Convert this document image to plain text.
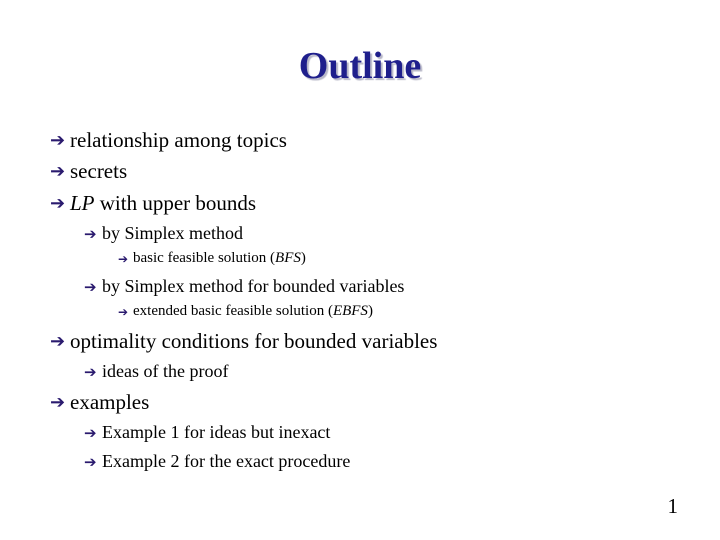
Outline
➔ relationship among topics
➔ secrets
➔ LP with upper bounds
➔ by Simplex method
➔ basic feasible solution (BFS)
➔ by Simplex method for bounded variables
➔ extended basic feasible solution (EBFS)
➔ optimality conditions for bounded variables
➔ ideas of the proof
➔ examples
➔ Example 1 for ideas but inexact
➔ Example 2 for the exact procedure
1
